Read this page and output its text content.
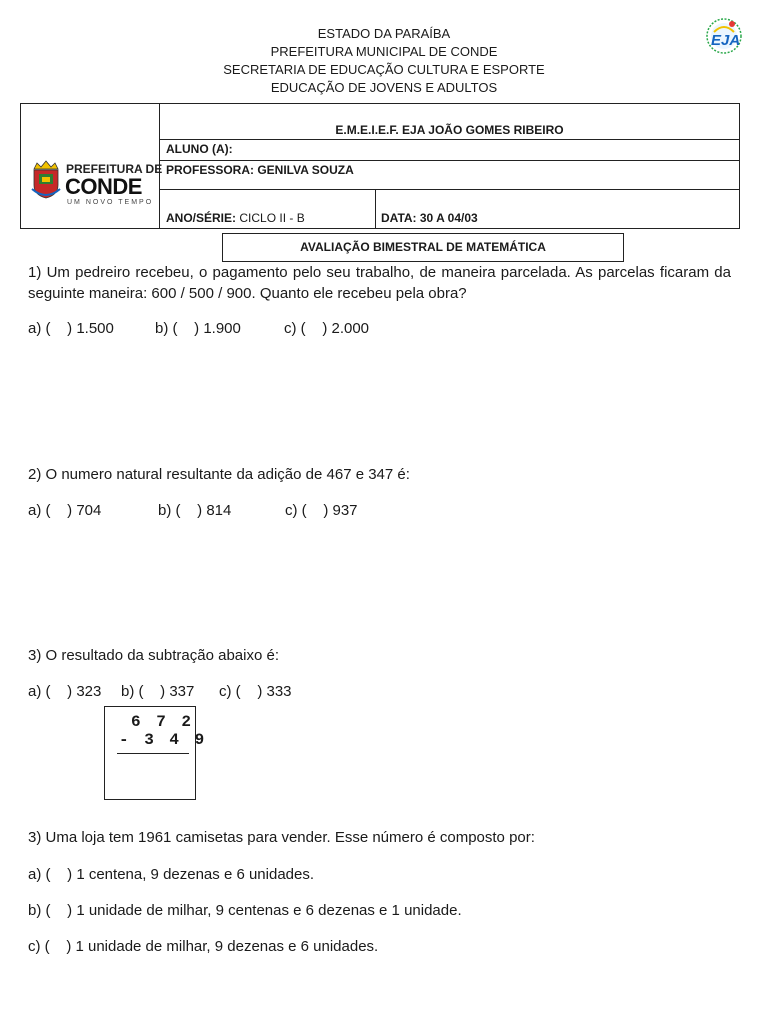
ESTADO DA PARAÍBA
PREFEITURA MUNICIPAL DE CONDE
SECRETARIA DE EDUCAÇÃO CULTURA E ESPORTE
EDUCAÇÃO DE JOVENS E ADULTOS
EJA
PREFEITURA DE
CONDE
UM NOVO TEMPO
E.M.E.I.E.F. EJA JOÃO GOMES RIBEIRO
ALUNO (A):
PROFESSORA: GENILVA SOUZA
ANO/SÉRIE: CICLO II - B	DATA: 30 A 04/03
AVALIAÇÃO BIMESTRAL DE MATEMÁTICA
1) Um pedreiro recebeu, o pagamento pelo seu trabalho, de maneira parcelada. As parcelas ficaram da seguinte maneira: 600 / 500 / 900. Quanto ele recebeu pela obra?
a) (    ) 1.500	b) (    ) 1.900	c) (    ) 2.000
2) O numero natural resultante da adição de 467 e 347 é:
a) (    ) 704	b) (    ) 814	c) (    ) 937
3) O resultado da subtração abaixo é:
a) (    ) 323 b) (    ) 337 c) (    ) 333
6 7 2
- 3 4 9
3) Uma loja tem 1961 camisetas para vender. Esse número é composto por:
a) (    ) 1 centena, 9 dezenas e 6 unidades.
b) (    ) 1 unidade de milhar, 9 centenas e 6 dezenas e 1 unidade.
c) (    ) 1 unidade de milhar, 9 dezenas e 6 unidades.
